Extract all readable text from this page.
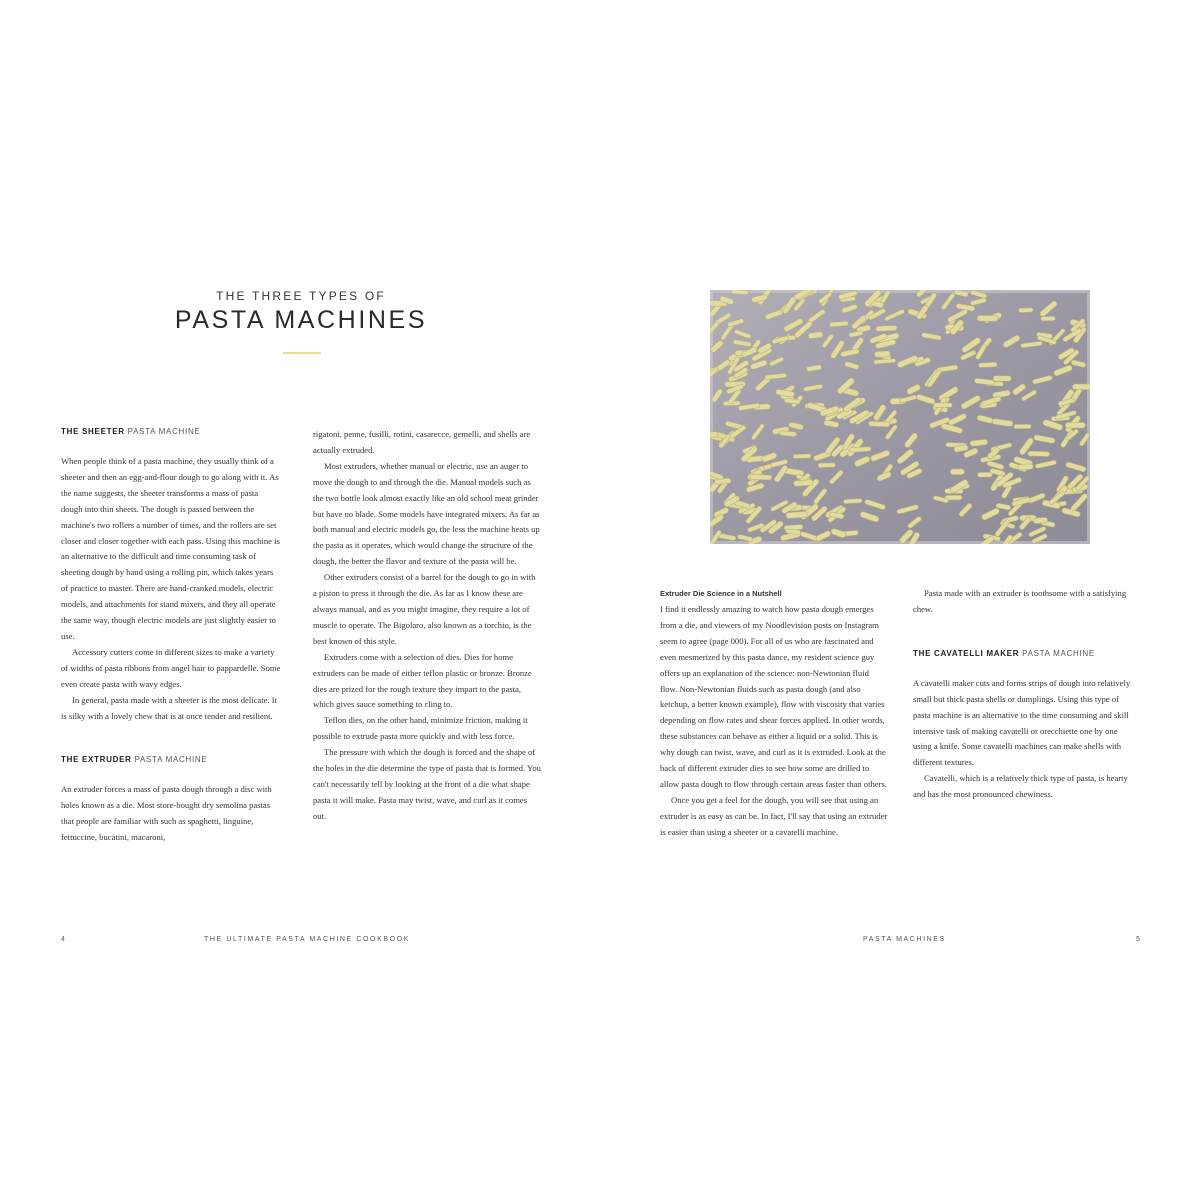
THE THREE TYPES OF
PASTA MACHINES
THE SHEETER PASTA MACHINE

When people think of a pasta machine, they usually think of a sheeter and then an egg-and-flour dough to go along with it. As the name suggests, the sheeter transforms a mass of pasta dough into thin sheets. The dough is passed between the machine's two rollers a number of times, and the rollers are set closer and closer together with each pass. Using this machine is an alternative to the difficult and time consuming task of sheeting dough by hand using a rolling pin, which takes years of practice to master. There are hand-cranked models, electric models, and attachments for stand mixers, and they all operate the same way, though electric models are just slightly easier to use.

Accessory cutters come in different sizes to make a variety of widths of pasta ribbons from angel hair to pappardelle. Some even create pasta with wavy edges.

In general, pasta made with a sheeter is the most delicate. It is silky with a lovely chew that is at once tender and resilient.

THE EXTRUDER PASTA MACHINE

An extruder forces a mass of pasta dough through a disc with holes known as a die. Most store-bought dry semolina pastas that people are familiar with such as spaghetti, linguine, fettuccine, bucatini, macaroni,

rigatoni, penne, fusilli, rotini, casarecce, gemelli, and shells are actually extruded.

Most extruders, whether manual or electric, use an auger to move the dough to and through the die. Manual models such as the two bottle look almost exactly like an old school meat grinder but have no blade. Some models have integrated mixers. As far as both manual and electric models go, the less the machine heats up the pasta as it operates, which would change the structure of the dough, the better the flavor and texture of the pasta will be.

Other extruders consist of a barrel for the dough to go in with a piston to press it through the die. As far as I know these are always manual, and as you might imagine, they require a lot of muscle to operate. The Bigolaro, also known as a torchio, is the best known of this style.

Extruders come with a selection of dies. Dies for home extruders can be made of either teflon plastic or bronze. Bronze dies are prized for the rough texture they impart to the pasta, which gives sauce something to cling to.

Teflon dies, on the other hand, minimize friction, making it possible to extrude pasta more quickly and with less force.

The pressure with which the dough is forced and the shape of the holes in the die determine the type of pasta that is formed. You can't necessarily tell by looking at the front of a die what shape pasta it will make. Pasta may twist, wave, and curl as it comes out.

4	THE ULTIMATE PASTA MACHINE COOKBOOK
Extruder Die Science in a Nutshell

I find it endlessly amazing to watch how pasta dough emerges from a die, and viewers of my Noodlevision posts on Instagram seem to agree (page 000). For all of us who are fascinated and even mesmerized by this pasta dance, my resident science guy offers up an explanation of the science: non-Newtonian fluid flow. Non-Newtonian fluids such as pasta dough (and also ketchup, a better known example), flow with viscosity that varies depending on flow rates and shear forces applied. In other words, these substances can behave as either a liquid or a solid. This is why dough can twist, wave, and curl as it is extruded. Look at the back of different extruder dies to see how some are drilled to allow pasta dough to flow through certain areas faster than others.

Once you get a feel for the dough, you will see that using an extruder is as easy as can be. In fact, I'll say that using an extruder is easier than using a sheeter or a cavatelli machine.

Pasta made with an extruder is toothsome with a satisfying chew.

THE CAVATELLI MAKER PASTA MACHINE

A cavatelli maker cuts and forms strips of dough into relatively small but thick pasta shells or dumplings. Using this type of pasta machine is an alternative to the time consuming and skill intensive task of making cavatelli or orecchiette one by one using a knife. Some cavatelli machines can make shells with different textures.

Cavatelli, which is a relatively thick type of pasta, is hearty and has the most pronounced chewiness.

PASTA MACHINES	5
